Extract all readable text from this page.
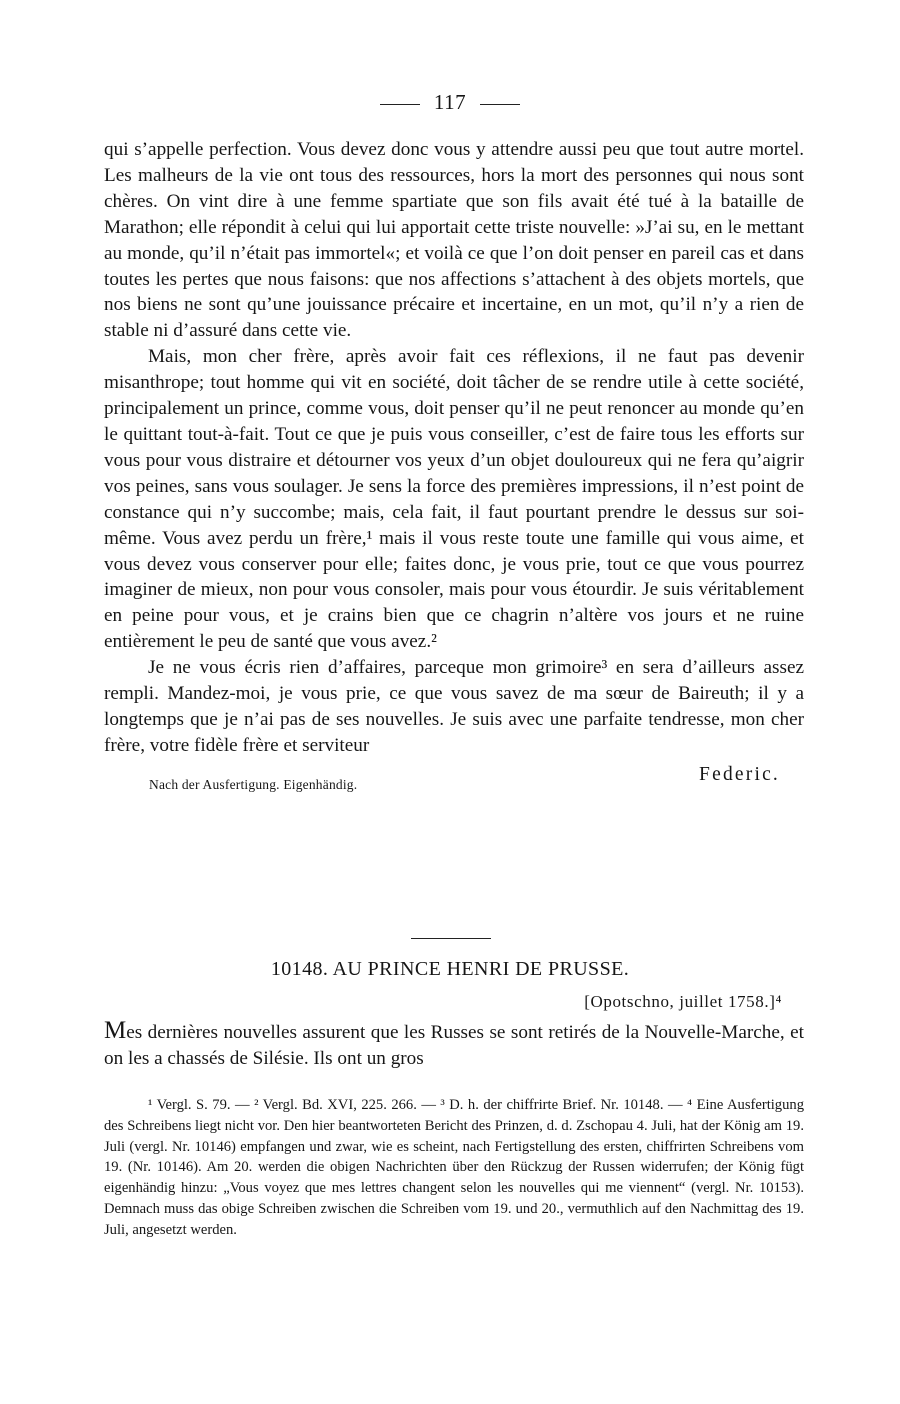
117

qui s’appelle perfection. Vous devez donc vous y attendre aussi peu que tout autre mortel. Les malheurs de la vie ont tous des ressources, hors la mort des personnes qui nous sont chères. On vint dire à une femme spartiate que son fils avait été tué à la bataille de Marathon; elle répondit à celui qui lui apportait cette triste nouvelle: »J’ai su, en le mettant au monde, qu’il n’était pas immortel«; et voilà ce que l’on doit penser en pareil cas et dans toutes les pertes que nous faisons: que nos affections s’attachent à des objets mortels, que nos biens ne sont qu’une jouissance précaire et incertaine, en un mot, qu’il n’y a rien de stable ni d’assuré dans cette vie.

Mais, mon cher frère, après avoir fait ces réflexions, il ne faut pas devenir misanthrope; tout homme qui vit en société, doit tâcher de se rendre utile à cette société, principalement un prince, comme vous, doit penser qu’il ne peut renoncer au monde qu’en le quittant tout-à-fait. Tout ce que je puis vous conseiller, c’est de faire tous les efforts sur vous pour vous distraire et détourner vos yeux d’un objet douloureux qui ne fera qu’aigrir vos peines, sans vous soulager. Je sens la force des premières impressions, il n’est point de constance qui n’y succombe; mais, cela fait, il faut pourtant prendre le dessus sur soi-même. Vous avez perdu un frère,¹ mais il vous reste toute une famille qui vous aime, et vous devez vous conserver pour elle; faites donc, je vous prie, tout ce que vous pourrez imaginer de mieux, non pour vous consoler, mais pour vous étourdir. Je suis véritablement en peine pour vous, et je crains bien que ce chagrin n’altère vos jours et ne ruine entièrement le peu de santé que vous avez.²

Je ne vous écris rien d’affaires, parceque mon grimoire³ en sera d’ailleurs assez rempli. Mandez-moi, je vous prie, ce que vous savez de ma sœur de Baireuth; il y a longtemps que je n’ai pas de ses nouvelles. Je suis avec une parfaite tendresse, mon cher frère, votre fidèle frère et serviteur

Nach der Ausfertigung. Eigenhändig.	Federic.
10148. AU PRINCE HENRI DE PRUSSE.
[Opotschno, juillet 1758.]⁴

Mes dernières nouvelles assurent que les Russes se sont retirés de la Nouvelle-Marche, et on les a chassés de Silésie. Ils ont un gros

¹ Vergl. S. 79. — ² Vergl. Bd. XVI, 225. 266. — ³ D. h. der chiffrirte Brief. Nr. 10148. — ⁴ Eine Ausfertigung des Schreibens liegt nicht vor. Den hier beantworteten Bericht des Prinzen, d. d. Zschopau 4. Juli, hat der König am 19. Juli (vergl. Nr. 10146) empfangen und zwar, wie es scheint, nach Fertigstellung des ersten, chiffrirten Schreibens vom 19. (Nr. 10146). Am 20. werden die obigen Nachrichten über den Rückzug der Russen widerrufen; der König fügt eigenhändig hinzu: „Vous voyez que mes lettres changent selon les nouvelles qui me viennent“ (vergl. Nr. 10153). Demnach muss das obige Schreiben zwischen die Schreiben vom 19. und 20., vermuthlich auf den Nachmittag des 19. Juli, angesetzt werden.
